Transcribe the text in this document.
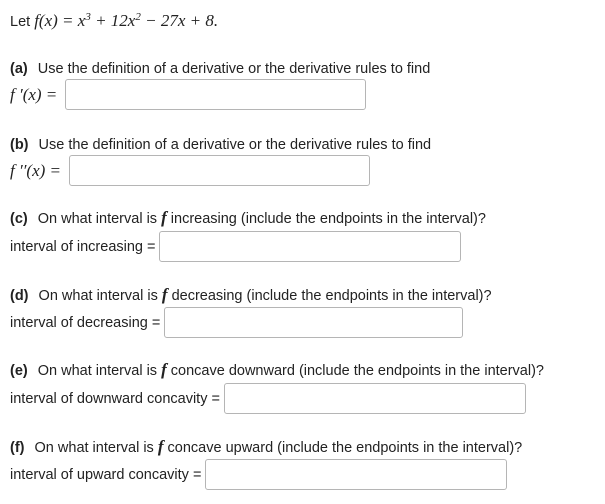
Let $f(x) = x^3 + 12x^2 - 27x + 8$.
(a) Use the definition of a derivative or the derivative rules to find
f ′(x) =
(b) Use the definition of a derivative or the derivative rules to find
f ′′(x) =
(c) On what interval is f increasing (include the endpoints in the interval)?
interval of increasing =
(d) On what interval is f decreasing (include the endpoints in the interval)?
interval of decreasing =
(e) On what interval is f concave downward (include the endpoints in the interval)?
interval of downward concavity =
(f) On what interval is f concave upward (include the endpoints in the interval)?
interval of upward concavity =
